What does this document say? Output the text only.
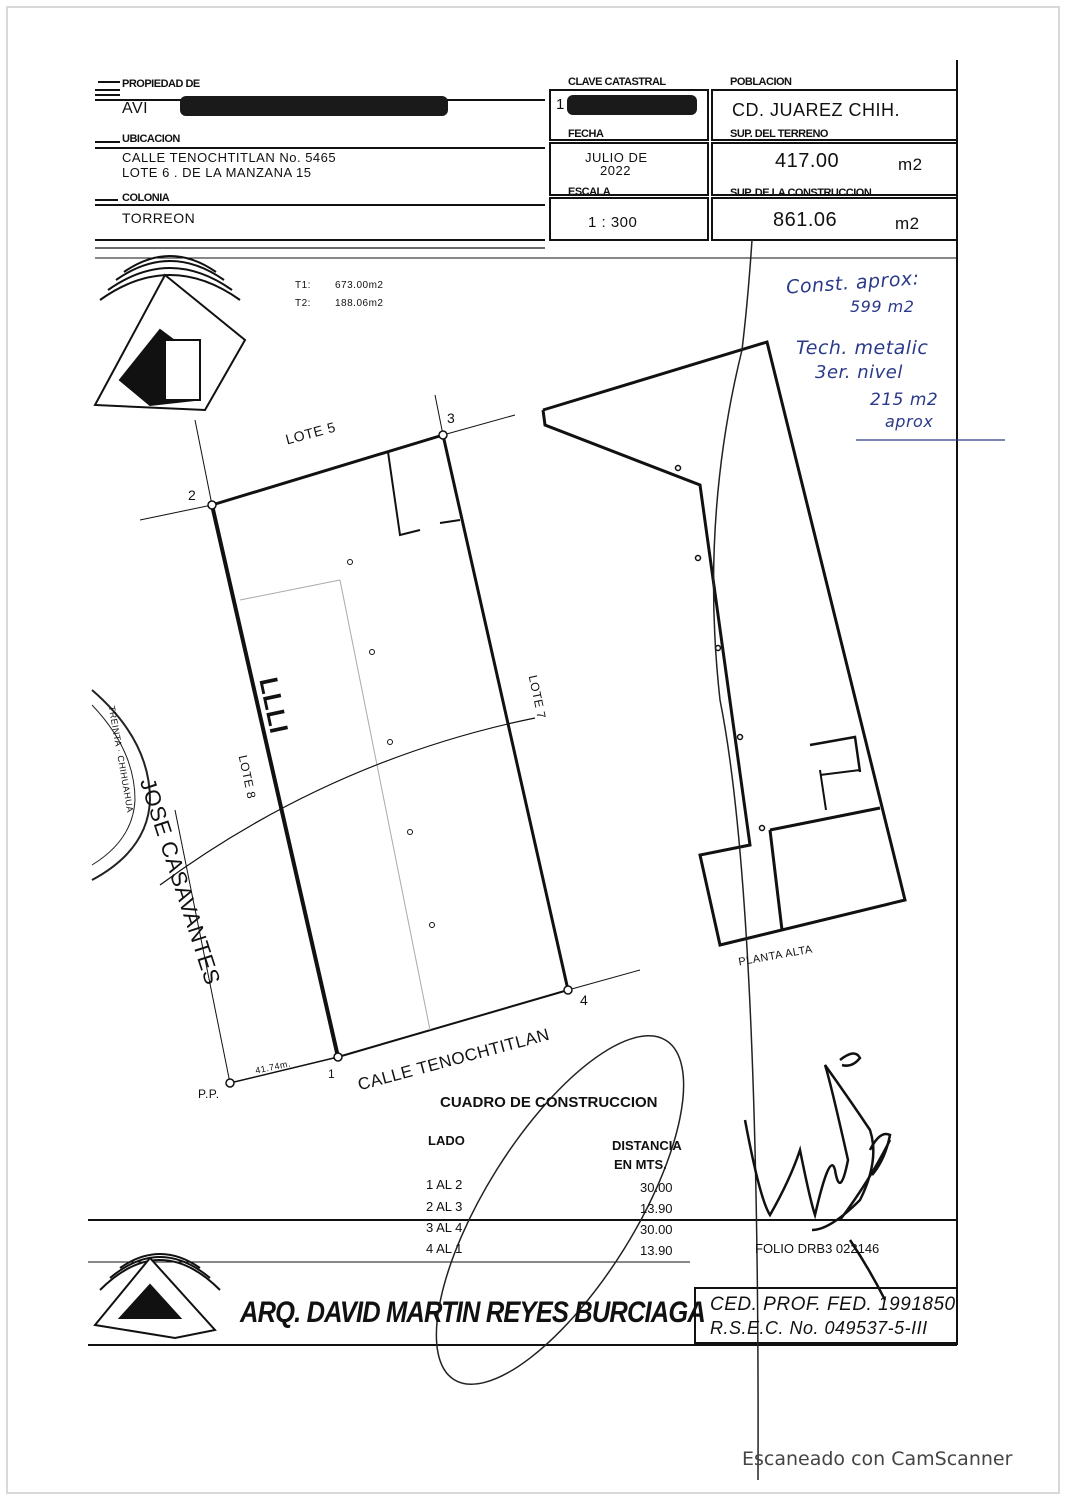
PROPIEDAD DE
AVI
UBICACION
CALLE TENOCHTITLAN No. 5465
LOTE 6 . DE LA MANZANA 15
COLONIA
TORREON
CLAVE CATASTRAL
1
FECHA
JULIO DE
2022
ESCALA
1 : 300
POBLACION
CD. JUAREZ CHIH.
SUP. DEL TERRENO
417.00	m2
SUP. DE LA CONSTRUCCION
861.06	m2
T1: 673.00m2
T2: 188.06m2
LOTE 5
LOTE 7
LOTE 8
LLLI
JOSE CASAVANTES
CALLE TENOCHTITLAN
PLANTA ALTA
P.P.
41.74m.
2
3
4
1
Const. aprox:
599 m2
Tech. metalic
3er. nivel
215 m2
aprox
CUADRO DE CONSTRUCCION
LADO	DISTANCIA
EN MTS.
1 AL 2	30.00
2 AL 3	13.90
3 AL 4	30.00
4 AL 1	13.90	FOLIO DRB3 022146
ARQ. DAVID MARTIN REYES BURCIAGA CED. PROF. FED. 1991850
R.S.E.C. No. 049537-5-III
TREINTA · CHIHUAHUA
Escaneado con CamScanner
